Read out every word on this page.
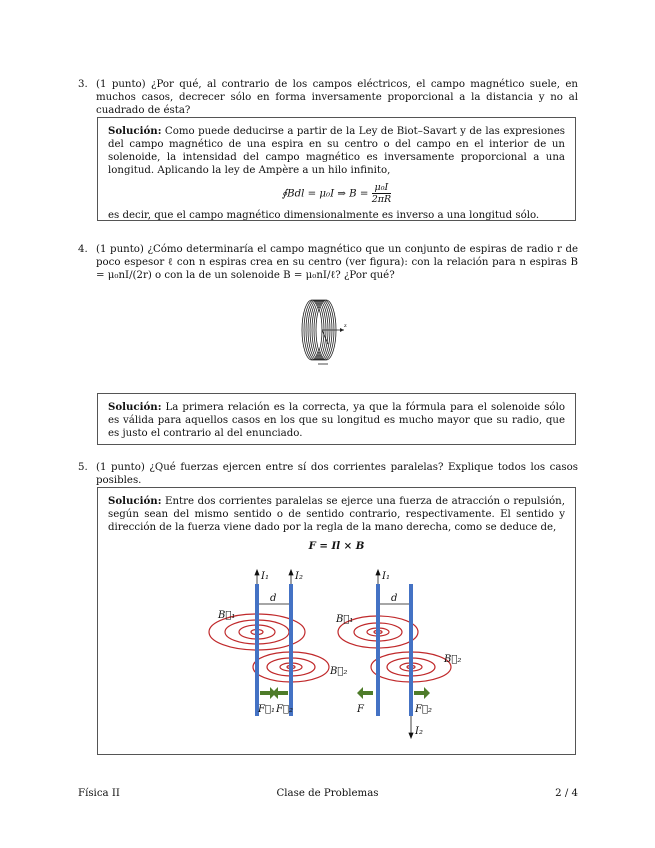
3. (1 punto) ¿Por qué, al contrario de los campos eléctricos, el campo magnético suele, en muchos casos, decrecer sólo en forma inversamente proporcional a la distancia y no al cuadrado de ésta?
Solución: Como puede deducirse a partir de la Ley de Biot–Savart y de las expresiones del campo magnético de una espira en su centro o del campo en el interior de un solenoide, la intensidad del campo magnético es inversamente proporcional a una longitud. Aplicando la ley de Ampère a un hilo infinito,
∮Bdl = μ₀I ⇒ $B = \frac{\text{μ₀I}}{2\pi R}$
es decir, que el campo magnético dimensionalmente es inverso a una longitud sólo.
4. (1 punto) ¿Cómo determinaría el campo magnético que un conjunto de espiras de radio r de poco espesor ℓ con n espiras crea en su centro (ver figura): con la relación para n espiras B = μ₀nI/(2r) o con la de un solenoide B = μ₀nI/ℓ? ¿Por qué?
z
Solución: La primera relación es la correcta, ya que la fórmula para el solenoide sólo es válida para aquellos casos en los que su longitud es mucho mayor que su radio, que es justo el contrario al del enunciado.
5. (1 punto) ¿Qué fuerzas ejercen entre sí dos corrientes paralelas? Explique todos los casos posibles.
Solución: Entre dos corrientes paralelas se ejerce una fuerza de atracción o repulsión, según sean del mismo sentido o de sentido contrario, respectivamente. El sentido y dirección de la fuerza viene dado por la regla de la mano derecha, como se deduce de,
F = Il × B
I₁	I₂	I₁
I₂
d	d
B⃗₁
B⃗₂
B⃗₁
B⃗₂
F⃗₁ F⃗₂	F	F⃗₂
Física II	Clase de Problemas	2 / 4
